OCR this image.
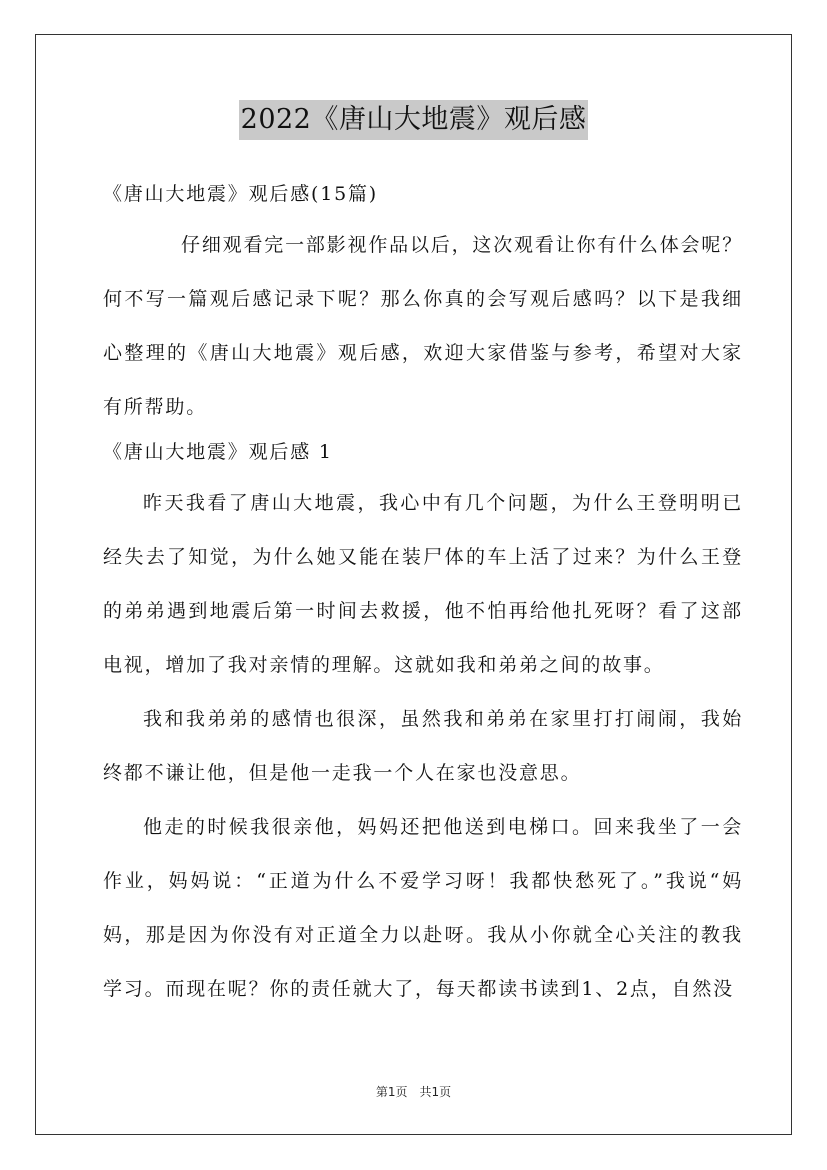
2022《唐山大地震》观后感

《唐山大地震》观后感(15篇)

仔细观看完一部影视作品以后，这次观看让你有什么体会呢？何不写一篇观后感记录下呢？那么你真的会写观后感吗？以下是我细心整理的《唐山大地震》观后感，欢迎大家借鉴与参考，希望对大家有所帮助。

《唐山大地震》观后感 1

昨天我看了唐山大地震，我心中有几个问题，为什么王登明明已经失去了知觉，为什么她又能在装尸体的车上活了过来？为什么王登的弟弟遇到地震后第一时间去救援，他不怕再给他扎死呀？看了这部电视，增加了我对亲情的理解。这就如我和弟弟之间的故事。

我和我弟弟的感情也很深，虽然我和弟弟在家里打打闹闹，我始终都不谦让他，但是他一走我一个人在家也没意思。

他走的时候我很亲他，妈妈还把他送到电梯口。回来我坐了一会作业，妈妈说：“正道为什么不爱学习呀！我都快愁死了。”我说“妈妈，那是因为你没有对正道全力以赴呀。我从小你就全心关注的教我学习。而现在呢？你的责任就大了，每天都读书读到1、2点，自然没

第1页　共1页
